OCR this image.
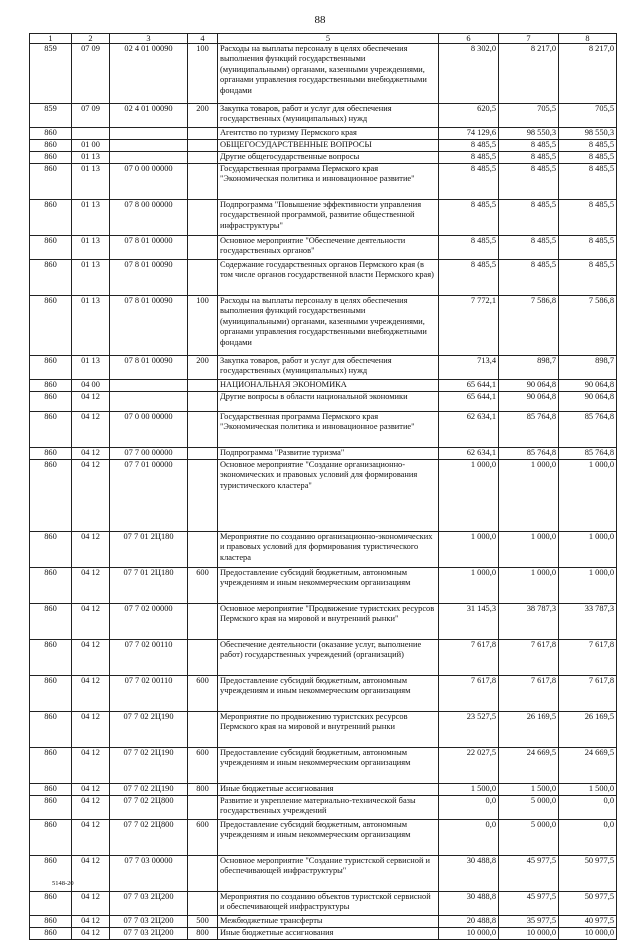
88
1	2	3	4	5	6	7	8
859	07 09	02 4 01 00090	100	Расходы на выплаты персоналу в целях обеспечения выполнения функций государственными (муниципальными) органами, казенными учреждениями, органами управления государственными внебюджетными фондами	8 302,0	8 217,0	8 217,0
859	07 09	02 4 01 00090	200	Закупка товаров, работ и услуг для обеспечения государственных (муниципальных) нужд	620,5	705,5	705,5
860				Агентство по туризму Пермского края	74 129,6	98 550,3	98 550,3
860	01 00			ОБЩЕГОСУДАРСТВЕННЫЕ ВОПРОСЫ	8 485,5	8 485,5	8 485,5
860	01 13			Другие общегосударственные вопросы	8 485,5	8 485,5	8 485,5
860	01 13	07 0 00 00000		Государственная программа Пермского края "Экономическая политика и инновационное развитие"	8 485,5	8 485,5	8 485,5
860	01 13	07 8 00 00000		Подпрограмма "Повышение эффективности управления государственной программой, развитие общественной инфраструктуры"	8 485,5	8 485,5	8 485,5
860	01 13	07 8 01 00000		Основное мероприятие "Обеспечение деятельности государственных органов"	8 485,5	8 485,5	8 485,5
860	01 13	07 8 01 00090		Содержание государственных органов Пермского края (в том числе органов государственной власти Пермского края)	8 485,5	8 485,5	8 485,5
860	01 13	07 8 01 00090	100	Расходы на выплаты персоналу в целях обеспечения выполнения функций государственными (муниципальными) органами, казенными учреждениями, органами управления государственными внебюджетными фондами	7 772,1	7 586,8	7 586,8
860	01 13	07 8 01 00090	200	Закупка товаров, работ и услуг для обеспечения государственных (муниципальных) нужд	713,4	898,7	898,7
860	04 00			НАЦИОНАЛЬНАЯ ЭКОНОМИКА	65 644,1	90 064,8	90 064,8
860	04 12			Другие вопросы в области национальной экономики	65 644,1	90 064,8	90 064,8
860	04 12	07 0 00 00000		Государственная программа Пермского края "Экономическая политика и инновационное развитие"	62 634,1	85 764,8	85 764,8
860	04 12	07 7 00 00000		Подпрограмма "Развитие туризма"	62 634,1	85 764,8	85 764,8
860	04 12	07 7 01 00000		Основное мероприятие "Создание организационно-экономических и правовых условий для формирования туристического кластера"	1 000,0	1 000,0	1 000,0
860	04 12	07 7 01 2Ц180		Мероприятие по созданию организационно-экономических и правовых условий для формирования туристического кластера	1 000,0	1 000,0	1 000,0
860	04 12	07 7 01 2Ц180	600	Предоставление субсидий бюджетным, автономным учреждениям и иным некоммерческим организациям	1 000,0	1 000,0	1 000,0
860	04 12	07 7 02 00000		Основное мероприятие "Продвижение туристских ресурсов Пермского края на мировой и внутренний рынки"	31 145,3	38 787,3	33 787,3
860	04 12	07 7 02 00110		Обеспечение деятельности (оказание услуг, выполнение работ) государственных учреждений (организаций)	7 617,8	7 617,8	7 617,8
860	04 12	07 7 02 00110	600	Предоставление субсидий бюджетным, автономным учреждениям и иным некоммерческим организациям	7 617,8	7 617,8	7 617,8
860	04 12	07 7 02 2Ц190		Мероприятие по продвижению туристских ресурсов Пермского края на мировой и внутренний рынки	23 527,5	26 169,5	26 169,5
860	04 12	07 7 02 2Ц190	600	Предоставление субсидий бюджетным, автономным учреждениям и иным некоммерческим организациям	22 027,5	24 669,5	24 669,5
860	04 12	07 7 02 2Ц190	800	Иные бюджетные ассигнования	1 500,0	1 500,0	1 500,0
860	04 12	07 7 02 2Ц800		Развитие и укрепление материально-технической базы государственных учреждений	0,0	5 000,0	0,0
860	04 12	07 7 02 2Ц800	600	Предоставление субсидий бюджетным, автономным учреждениям и иным некоммерческим организациям	0,0	5 000,0	0,0
860	04 12	07 7 03 00000		Основное мероприятие "Создание туристской сервисной и обеспечивающей инфраструктуры"	30 488,8	45 977,5	50 977,5
860	04 12	07 7 03 2Ц200		Мероприятия по созданию объектов туристской сервисной и обеспечивающей инфраструктуры	30 488,8	45 977,5	50 977,5
860	04 12	07 7 03 2Ц200	500	Межбюджетные трансферты	20 488,8	35 977,5	40 977,5
860	04 12	07 7 03 2Ц200	800	Иные бюджетные ассигнования	10 000,0	10 000,0	10 000,0
5148-20
